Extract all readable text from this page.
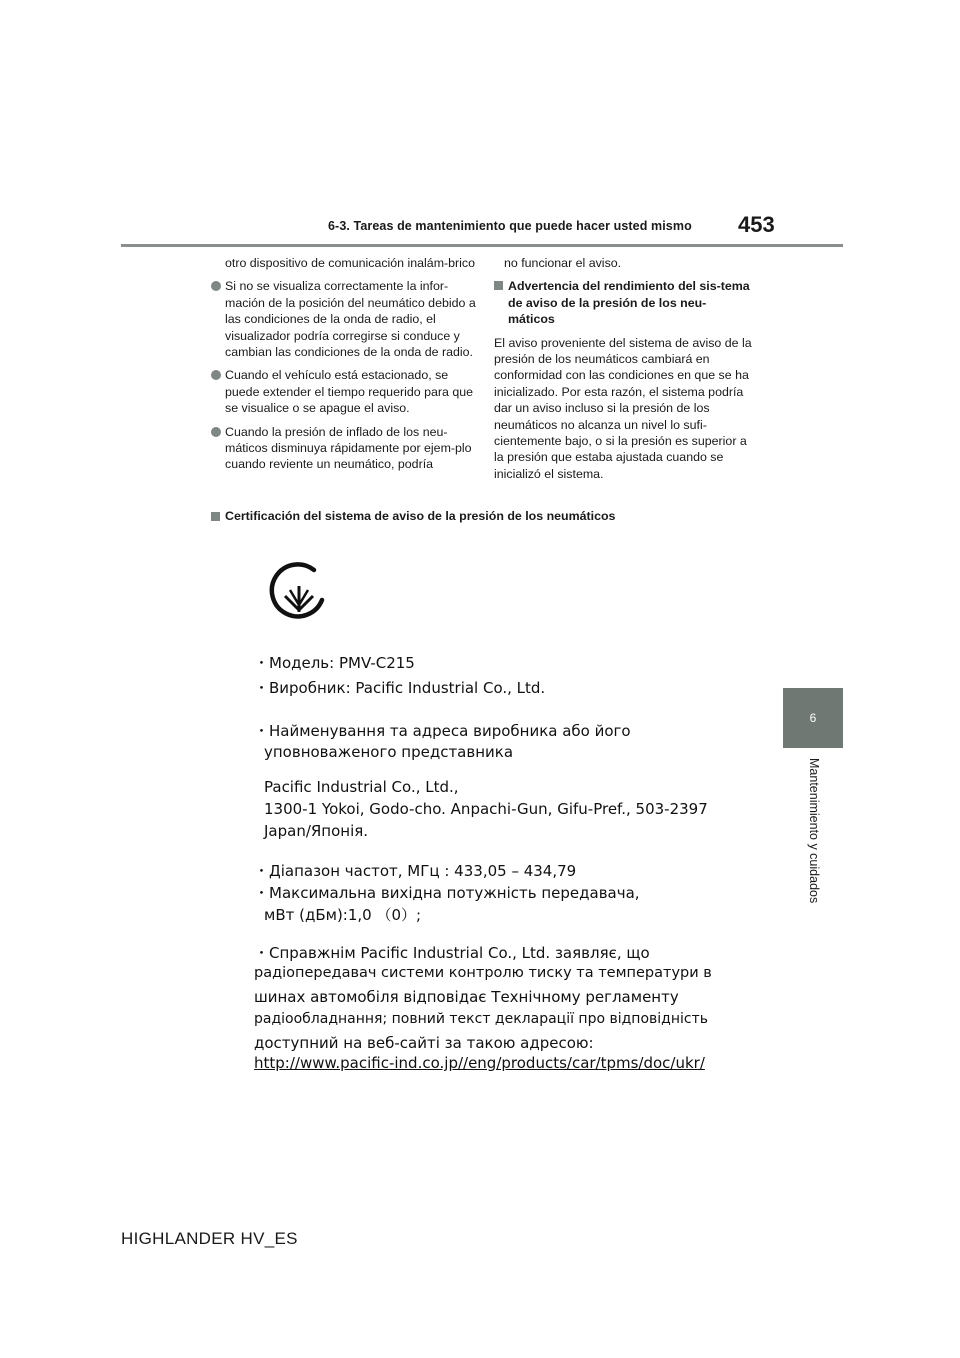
6-3. Tareas de mantenimiento que puede hacer usted mismo	453
6
Mantenimiento y cuidados

otro dispositivo de comunicación inalám-brico

Si no se visualiza correctamente la infor-mación de la posición del neumático debido a las condiciones de la onda de radio, el visualizador podría corregirse si conduce y cambian las condiciones de la onda de radio.

Cuando el vehículo está estacionado, se puede extender el tiempo requerido para que se visualice o se apague el aviso.

Cuando la presión de inflado de los neu-máticos disminuya rápidamente por ejem-plo cuando reviente un neumático, podría

no funcionar el aviso.

Advertencia del rendimiento del sis-tema de aviso de la presión de los neu-máticos

El aviso proveniente del sistema de aviso de la presión de los neumáticos cambiará en conformidad con las condiciones en que se ha inicializado. Por esta razón, el sistema podría dar un aviso incluso si la presión de los neumáticos no alcanza un nivel lo sufi-cientemente bajo, o si la presión es superior a la presión que estaba ajustada cuando se inicializó el sistema.

Certificación del sistema de aviso de la presión de los neumáticos
・Модель: PMV-C215
・Виробник: Pacific Industrial Co., Ltd.
・Найменування та адреса виробника або його
уповноваженого представника
Pacific Industrial Co., Ltd.,
1300-1 Yokoi, Godo-cho. Anpachi-Gun, Gifu-Pref., 503-2397
Japan/Японія.
・Діапазон частот, МГц : 433,05 – 434,79
・Максимальна вихідна потужність передавача,
мВт (дБм):1,0 （0）;
・Справжнім Pacific Industrial Co., Ltd. заявляє, що
радіопередавач системи контролю тиску та температури в
шинах автомобіля відповідає Технічному регламенту
радіообладнання; повний текст декларації про відповідність
доступний на веб-сайті за такою адресою:
http://www.pacific-ind.co.jp//eng/products/car/tpms/doc/ukr/
HIGHLANDER HV_ES
